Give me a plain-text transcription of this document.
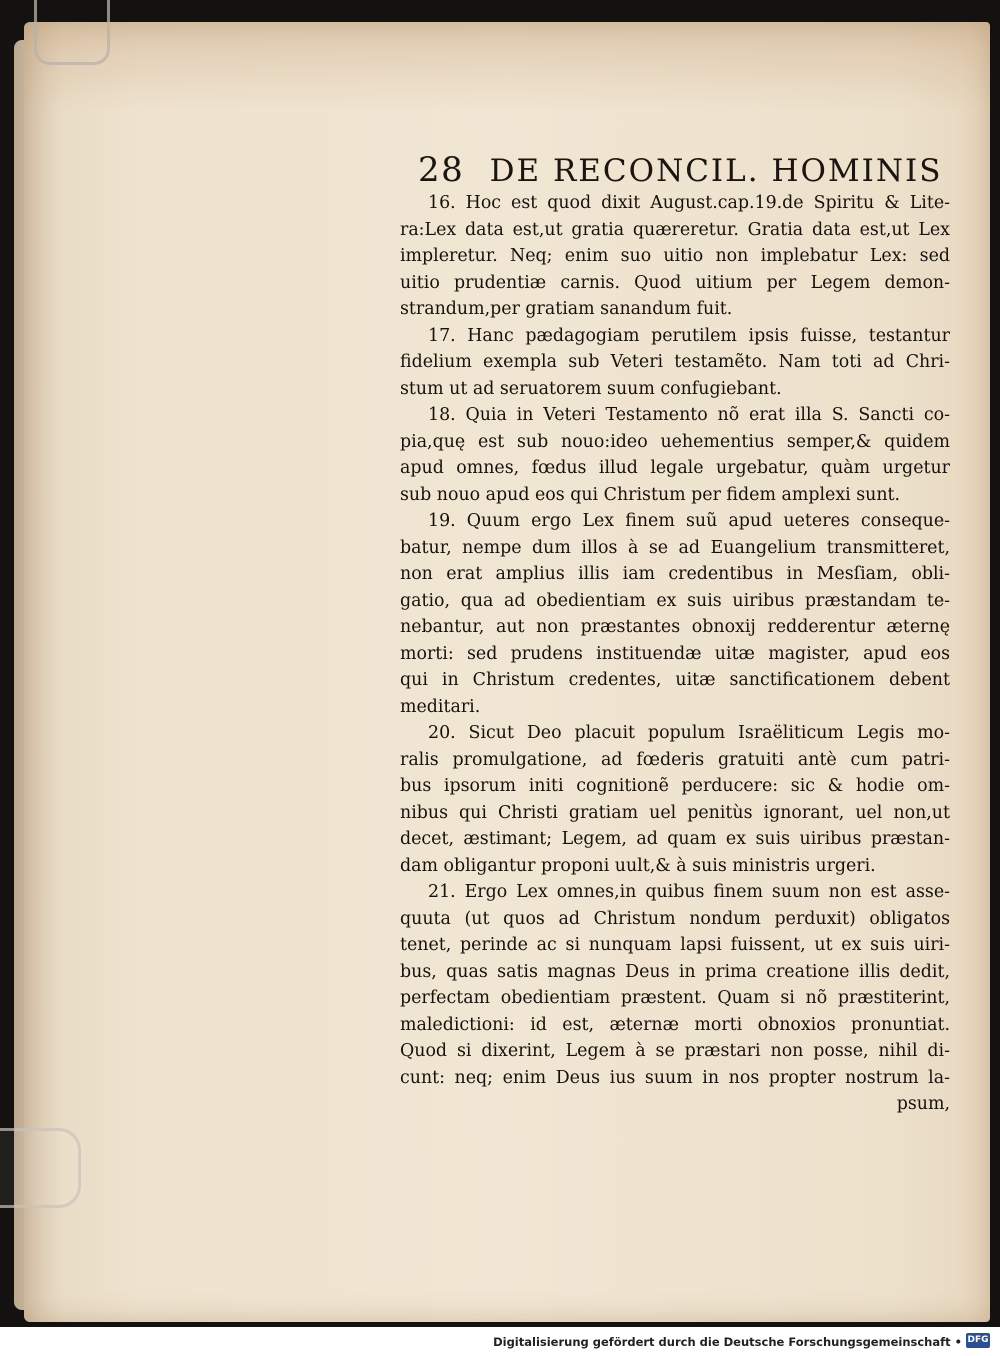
28 DE RECONCIL. HOMINIS
16. Hoc est quod dixit August.cap.19.de Spiritu & Lite-
ra:Lex data est,ut gratia quæreretur. Gratia data est,ut Lex
impleretur. Neq; enim suo uitio non implebatur Lex: sed
uitio prudentiæ carnis. Quod uitium per Legem demon-
strandum,per gratiam sanandum fuit.
17. Hanc pædagogiam perutilem ipsis fuisse, testantur
fidelium exempla sub Veteri testamẽto. Nam toti ad Chri-
stum ut ad seruatorem suum confugiebant.
18. Quia in Veteri Testamento nõ erat illa S. Sancti co-
pia,quę est sub nouo:ideo uehementius semper,& quidem
apud omnes, fœdus illud legale urgebatur, quàm urgetur
sub nouo apud eos qui Christum per fidem amplexi sunt.
19. Quum ergo Lex finem suũ apud ueteres conseque-
batur, nempe dum illos à se ad Euangelium transmitteret,
non erat amplius illis iam credentibus in Mesſiam, obli-
gatio, qua ad obedientiam ex suis uiribus præstandam te-
nebantur, aut non præstantes obnoxij redderentur æternę
morti: sed prudens instituendæ uitæ magister, apud eos
qui in Christum credentes, uitæ sanctificationem debent
meditari.
20. Sicut Deo placuit populum Israëliticum Legis mo-
ralis promulgatione, ad fœderis gratuiti antè cum patri-
bus ipsorum initi cognitionẽ perducere: sic & hodie om-
nibus qui Christi gratiam uel penitùs ignorant, uel non,ut
decet, æstimant; Legem, ad quam ex suis uiribus præstan-
dam obligantur proponi uult,& à suis ministris urgeri.
21. Ergo Lex omnes,in quibus finem suum non est asse-
quuta (ut quos ad Christum nondum perduxit) obligatos
tenet, perinde ac si nunquam lapsi fuissent, ut ex suis uiri-
bus, quas satis magnas Deus in prima creatione illis dedit,
perfectam obedientiam præstent. Quam si nõ præstiterint,
maledictioni: id est, æternæ morti obnoxios pronuntiat.
Quod si dixerint, Legem à se præstari non posse, nihil di-
cunt: neq; enim Deus ius suum in nos propter nostrum la-
psum,
Digitalisierung gefördert durch die Deutsche Forschungsgemeinschaft • DFG
